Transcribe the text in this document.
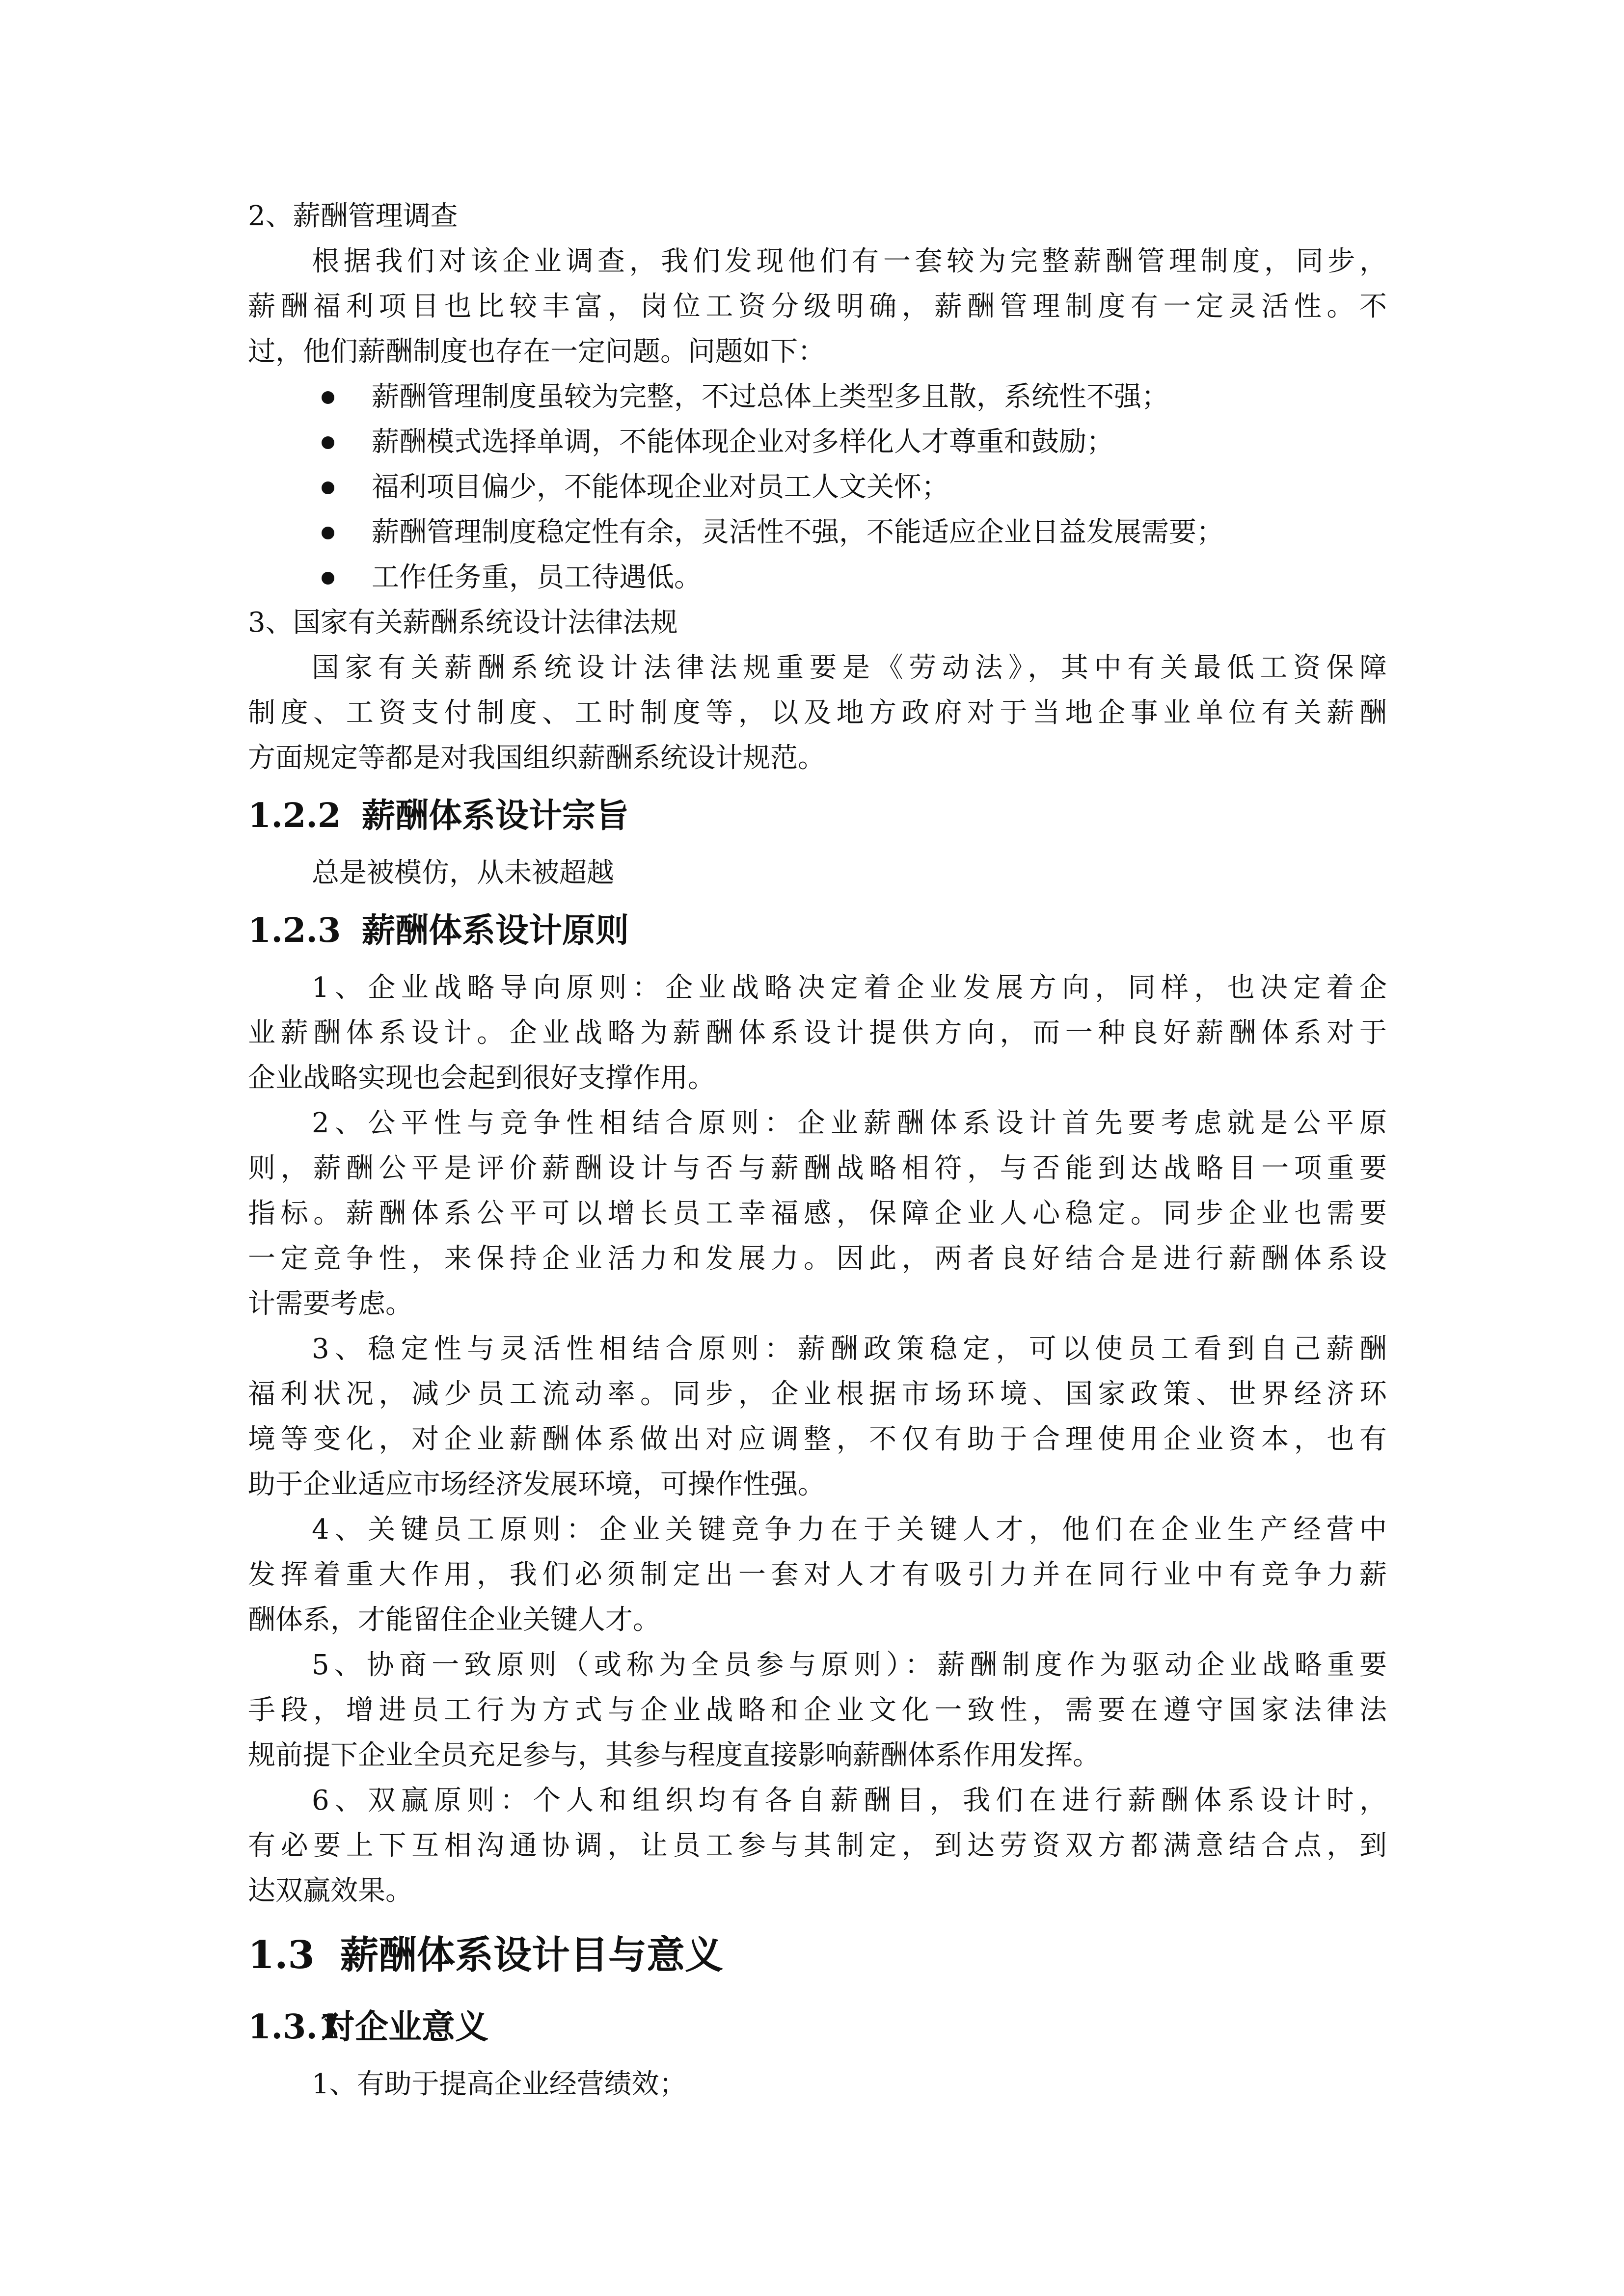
2、薪酬管理调查
根据我们对该企业调查，我们发现他们有一套较为完整薪酬管理制度，同步，
薪酬福利项目也比较丰富，岗位工资分级明确，薪酬管理制度有一定灵活性。不
过，他们薪酬制度也存在一定问题。问题如下：
薪酬管理制度虽较为完整，不过总体上类型多且散，系统性不强；
薪酬模式选择单调，不能体现企业对多样化人才尊重和鼓励；
福利项目偏少，不能体现企业对员工人文关怀；
薪酬管理制度稳定性有余，灵活性不强，不能适应企业日益发展需要；
工作任务重，员工待遇低。
3、国家有关薪酬系统设计法律法规
国家有关薪酬系统设计法律法规重要是《劳动法》，其中有关最低工资保障
制度、工资支付制度、工时制度等，以及地方政府对于当地企事业单位有关薪酬
方面规定等都是对我国组织薪酬系统设计规范。
1.2.2 薪酬体系设计宗旨
总是被模仿，从未被超越
1.2.3 薪酬体系设计原则
1、企业战略导向原则：企业战略决定着企业发展方向，同样，也决定着企
业薪酬体系设计。企业战略为薪酬体系设计提供方向，而一种良好薪酬体系对于
企业战略实现也会起到很好支撑作用。
2、公平性与竞争性相结合原则：企业薪酬体系设计首先要考虑就是公平原
则，薪酬公平是评价薪酬设计与否与薪酬战略相符，与否能到达战略目一项重要
指标。薪酬体系公平可以增长员工幸福感，保障企业人心稳定。同步企业也需要
一定竞争性，来保持企业活力和发展力。因此，两者良好结合是进行薪酬体系设
计需要考虑。
3、稳定性与灵活性相结合原则：薪酬政策稳定，可以使员工看到自己薪酬
福利状况，减少员工流动率。同步，企业根据市场环境、国家政策、世界经济环
境等变化，对企业薪酬体系做出对应调整，不仅有助于合理使用企业资本，也有
助于企业适应市场经济发展环境，可操作性强。
4、关键员工原则：企业关键竞争力在于关键人才，他们在企业生产经营中
发挥着重大作用，我们必须制定出一套对人才有吸引力并在同行业中有竞争力薪
酬体系，才能留住企业关键人才。
5、协商一致原则（或称为全员参与原则）：薪酬制度作为驱动企业战略重要
手段，增进员工行为方式与企业战略和企业文化一致性，需要在遵守国家法律法
规前提下企业全员充足参与，其参与程度直接影响薪酬体系作用发挥。
6、双赢原则：个人和组织均有各自薪酬目，我们在进行薪酬体系设计时，
有必要上下互相沟通协调，让员工参与其制定，到达劳资双方都满意结合点，到
达双赢效果。
1.3 薪酬体系设计目与意义
1.3.1对企业意义
1、有助于提高企业经营绩效；
